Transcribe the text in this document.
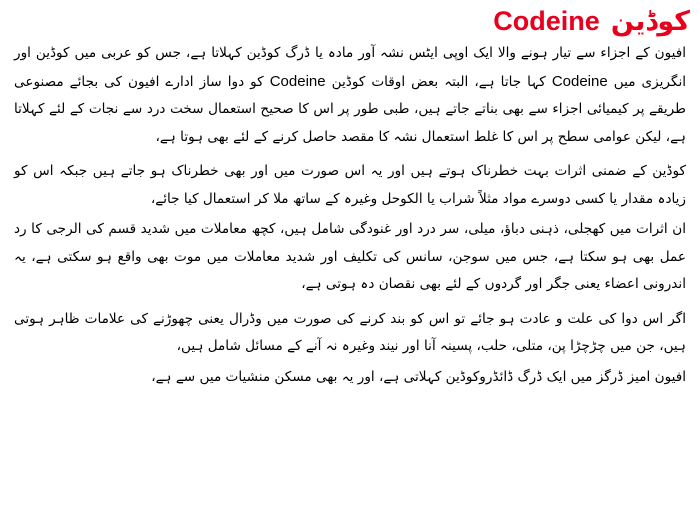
Codeine کوڈین

افیون کے اجزاء سے تیار ہونے والا ایک اوپی ایٹس نشہ آور مادہ یا ڈرگ کوڈین کہلاتا ہے، جس کو عربی میں کوڈین اور انگریزی میں Codeine کہا جاتا ہے، البتہ بعض اوقات کوڈین Codeine کو دوا ساز ادارے افیون کی بجائے مصنوعی طریقے پر کیمیائی اجزاء سے بھی بناتے جاتے ہیں، طبی طور پر اس کا صحیح استعمال سخت درد سے نجات کے لئے کہلاتا ہے، لیکن عوامی سطح پر اس کا غلط استعمال نشہ کا مقصد حاصل کرنے کے لئے بھی ہوتا ہے،

کوڈین کے ضمنی اثرات بہت خطرناک ہوتے ہیں اور یہ اس صورت میں اور بھی خطرناک ہو جاتے ہیں جبکہ اس کو زیادہ مقدار یا کسی دوسرے مواد مثلاً شراب یا الکوحل وغیرہ کے ساتھ ملا کر استعمال کیا جائے،

ان اثرات میں کھجلی، ذہنی دباؤ، میلی، سر درد اور غنودگی شامل ہیں، کچھ معاملات میں شدید قسم کی الرجی کا رد عمل بھی ہو سکتا ہے، جس میں سوجن، سانس کی تکلیف اور شدید معاملات میں موت بھی واقع ہو سکتی ہے، یہ اندرونی اعضاء یعنی جگر اور گردوں کے لئے بھی نقصان دہ ہوتی ہے،

اگر اس دوا کی علت و عادت ہو جائے تو اس کو بند کرنے کی صورت میں وڈرال یعنی چھوڑنے کی علامات ظاہر ہوتی ہیں، جن میں چڑچڑا پن، متلی، حلب، پسینہ آنا اور نیند وغیرہ نہ آنے کے مسائل شامل ہیں،

افیون امیز ڈرگز میں ایک ڈرگ ڈائڈروکوڈین کہلاتی ہے، اور یہ بھی مسکن منشیات میں سے ہے،
